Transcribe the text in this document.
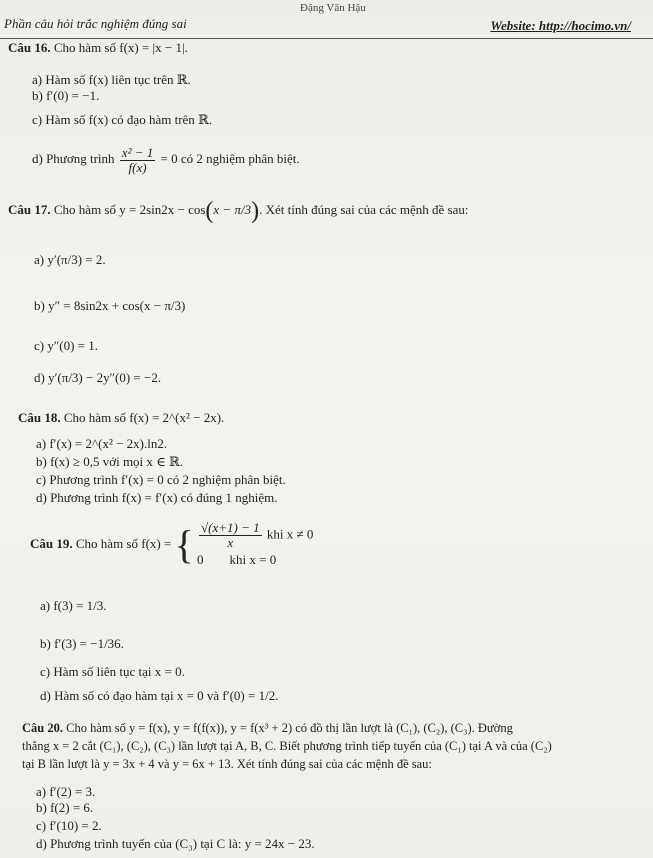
Đặng Văn Hậu
Website: http://hocimo.vn/
Phần câu hỏi trắc nghiệm đúng sai
Câu 16. Cho hàm số f(x) = |x − 1|.
a) Hàm số f(x) liên tục trên ℝ.
b) f′(0) = −1.
c) Hàm số f(x) có đạo hàm trên ℝ.
d) Phương trình $\frac{\text{x² − 1}}{f(x)} = 0$ có 2 nghiệm phân biệt.
Câu 17. Cho hàm số y = 2sin2x − cos(x − π/3). Xét tính đúng sai của các mệnh đề sau:
a) y′(π/3) = 2.
b) y″ = 8sin2x + cos(x − π/3)
c) y″(0) = 1.
d) y′(π/3) − 2y″(0) = −2.
Câu 18. Cho hàm số f(x) = 2^(x² − 2x).
a) f′(x) = 2^(x² − 2x).ln2.
b) f(x) ≥ 0,5 với mọi x ∈ ℝ.
c) Phương trình f′(x) = 0 có 2 nghiệm phân biệt.
d) Phương trình f(x) = f′(x) có đúng 1 nghiệm.
Câu 19. Cho hàm số f(x) = { $\frac{√(x+1) - 1}{x}$ khi x ≠ 0
0 khi x = 0
a) f(3) = 1/3.
b) f′(3) = −1/36.
c) Hàm số liên tục tại x = 0.
d) Hàm số có đạo hàm tại x = 0 và f′(0) = 1/2.
Câu 20. Cho hàm số y = f(x), y = f(f(x)), y = f(x³ + 2) có đồ thị lần lượt là (C₁), (C₂), (C₃). Đường
thẳng x = 2 cắt (C₁), (C₂), (C₃) lần lượt tại A, B, C. Biết phương trình tiếp tuyến của (C₁) tại A và của (C₂)
tại B lần lượt là y = 3x + 4 và y = 6x + 13. Xét tính đúng sai của các mệnh đề sau:
a) f′(2) = 3.
b) f(2) = 6.
c) f′(10) = 2.
d) Phương trình tuyến của (C₃) tại C là: y = 24x − 23.
